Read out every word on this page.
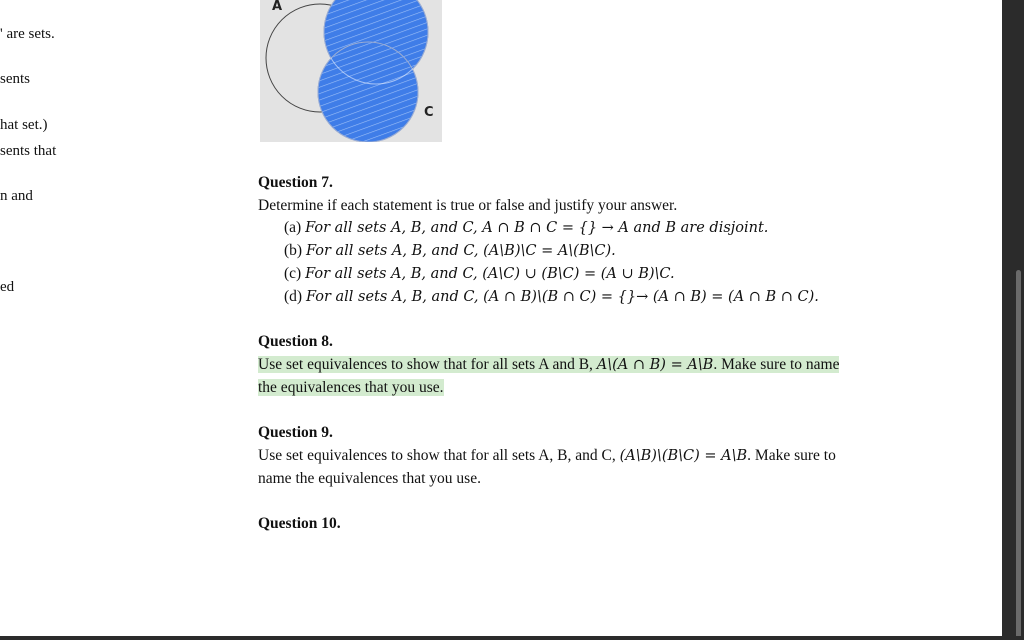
' are sets.
sents
hat set.)
sents that
n and
ed
A
C
Question 7.
Determine if each statement is true or false and justify your answer.
(a) For all sets A, B, and C, A ∩ B ∩ C = {} → A and B are disjoint.
(b) For all sets A, B, and C, (A\B)\C = A\(B\C).
(c) For all sets A, B, and C, (A\C) ∪ (B\C) = (A ∪ B)\C.
(d) For all sets A, B, and C, (A ∩ B)\(B ∩ C) = {}→ (A ∩ B) = (A ∩ B ∩ C).
Question 8.
Use set equivalences to show that for all sets A and B, A\(A ∩ B) = A\B. Make sure to name
the equivalences that you use.
Question 9.
Use set equivalences to show that for all sets A, B, and C, (A\B)\(B\C) = A\B. Make sure to
name the equivalences that you use.
Question 10.
